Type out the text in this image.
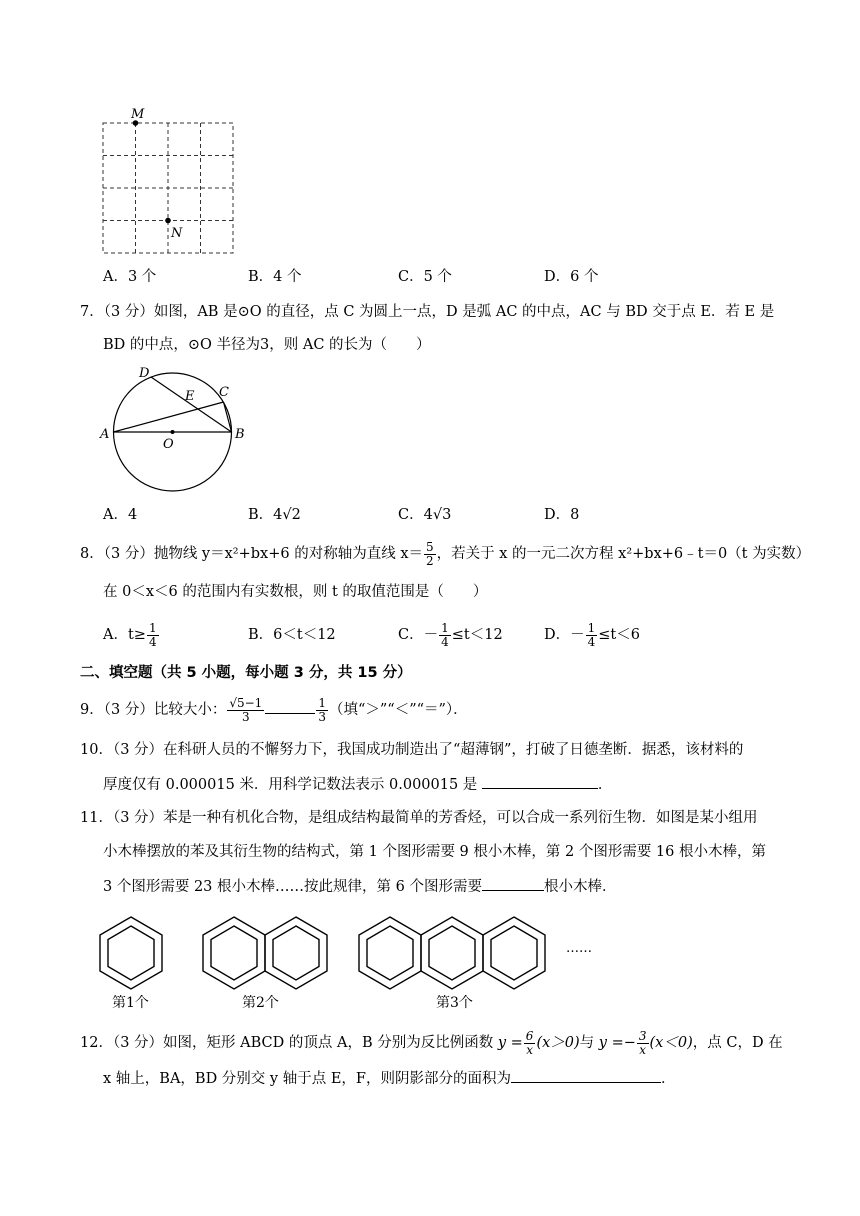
M
N
A．3 个	B．4 个	C．5 个	D．6 个
7．（3 分）如图，AB 是⊙O 的直径，点 C 为圆上一点，D 是弧 AC 的中点，AC 与 BD 交于点 E．若 E 是
BD 的中点，⊙O 半径为3，则 AC 的长为（　　）
D
C
E
A	B
O
A．4	B．4√2	C．4√3	D．8
8．（3 分）抛物线 y＝x²+bx+6 的对称轴为直线 $x= \frac{5}{2}$ ，若关于 x 的一元二次方程 x²+bx+6﹣t＝0（t 为实数）
在 0＜x＜6 的范围内有实数根，则 t 的取值范围是（　　）
A．$t\ge \frac{1}{4}$	B．6＜t＜12	C．－ $\frac{1}{4} \le t<12$	D．－ $\frac{1}{4} \le t<6$
二、填空题（共 5 小题，每小题 3 分，共 15 分）
9．（3 分）比较大小： $\frac{√5-1}{3}$	$\frac{1}{3}$ （填“＞”“＜”“＝”）．
10．（3 分）在科研人员的不懈努力下，我国成功制造出了“超薄钢”，打破了日德垄断．据悉，该材料的
厚度仅有 0.000015 米．用科学记数法表示 0.000015 是	．
11．（3 分）苯是一种有机化合物，是组成结构最简单的芳香烃，可以合成一系列衍生物．如图是某小组用
小木棒摆放的苯及其衍生物的结构式，第 1 个图形需要 9 根小木棒，第 2 个图形需要 16 根小木棒，第
3 个图形需要 23 根小木棒……按此规律，第 6 个图形需要	根小木棒．
……
第1个	第2个	第3个
12．（3 分）如图，矩形 ABCD 的顶点 A，B 分别为反比例函数 $y = \frac{6}{x} (x>0)$与 $y =- \frac{3}{x} (x<0)$，点 C，D 在
x 轴上，BA，BD 分别交 y 轴于点 E，F，则阴影部分的面积为	．
